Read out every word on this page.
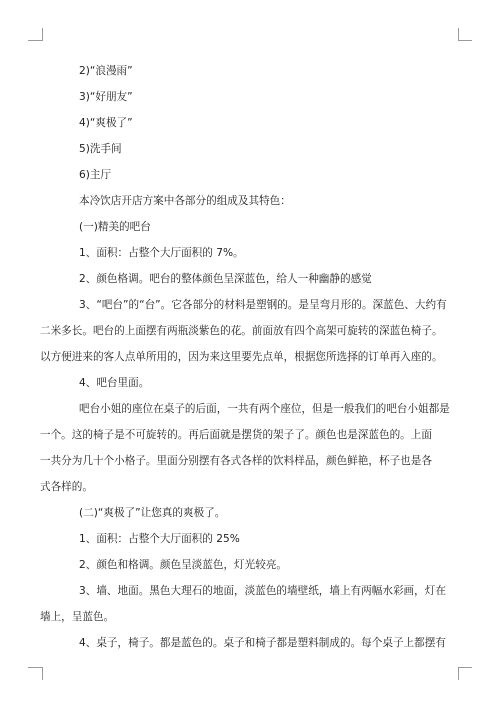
2)“浪漫雨”
3)“好朋友”
4)“爽极了”
5)洗手间
6)主厅
本冷饮店开店方案中各部分的组成及其特色：
(一)精美的吧台
1、面积：占整个大厅面积的 7%。
2、颜色格调。吧台的整体颜色呈深蓝色，给人一种幽静的感觉
3、“吧台”的“台”。它各部分的材料是塑钢的。是呈弯月形的。深蓝色、大约有
二米多长。吧台的上面摆有两瓶淡紫色的花。前面放有四个高架可旋转的深蓝色椅子。
以方便进来的客人点单所用的，因为来这里要先点单，根据您所选择的订单再入座的。
4、吧台里面。
吧台小姐的座位在桌子的后面，一共有两个座位，但是一般我们的吧台小姐都是
一个。这的椅子是不可旋转的。再后面就是摆货的架子了。颜色也是深蓝色的。上面
一共分为几十个小格子。里面分别摆有各式各样的饮料样品，颜色鲜艳，杯子也是各
式各样的。
(二)“爽极了”让您真的爽极了。
1、面积：占整个大厅面积的 25%
2、颜色和格调。颜色呈淡蓝色，灯光较亮。
3、墙、地面。黑色大理石的地面，淡蓝色的墙壁纸，墙上有两幅水彩画，灯在
墙上，呈蓝色。
4、桌子，椅子。都是蓝色的。桌子和椅子都是塑料制成的。每个桌子上都摆有
